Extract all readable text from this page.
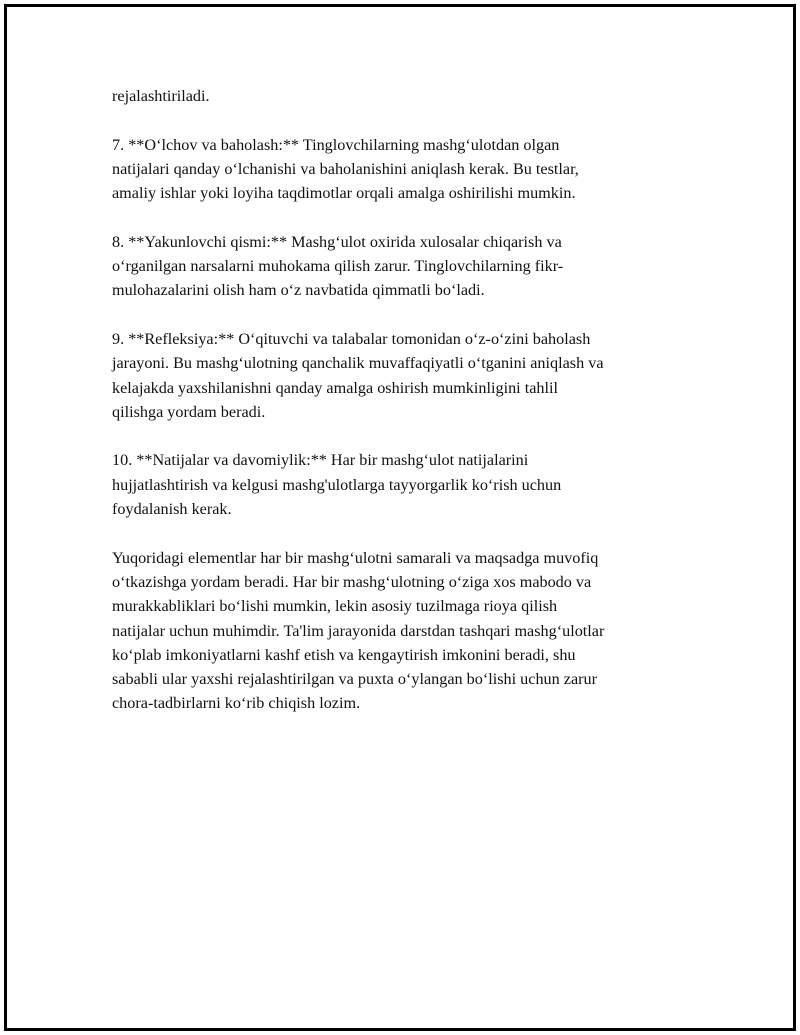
rejalashtiriladi.

7. **O‘lchov va baholash:** Tinglovchilarning mashg‘ulotdan olgan
natijalari qanday o‘lchanishi va baholanishini aniqlash kerak. Bu testlar,
amaliy ishlar yoki loyiha taqdimotlar orqali amalga oshirilishi mumkin.

8. **Yakunlovchi qismi:** Mashg‘ulot oxirida xulosalar chiqarish va
o‘rganilgan narsalarni muhokama qilish zarur. Tinglovchilarning fikr-
mulohazalarini olish ham o‘z navbatida qimmatli bo‘ladi.

9. **Refleksiya:** O‘qituvchi va talabalar tomonidan o‘z-o‘zini baholash
jarayoni. Bu mashg‘ulotning qanchalik muvaffaqiyatli o‘tganini aniqlash va
kelajakda yaxshilanishni qanday amalga oshirish mumkinligini tahlil
qilishga yordam beradi.

10. **Natijalar va davomiylik:** Har bir mashg‘ulot natijalarini
hujjatlashtirish va kelgusi mashg'ulotlarga tayyorgarlik ko‘rish uchun
foydalanish kerak.

Yuqoridagi elementlar har bir mashg‘ulotni samarali va maqsadga muvofiq
o‘tkazishga yordam beradi. Har bir mashg‘ulotning o‘ziga xos mabodo va
murakkabliklari bo‘lishi mumkin, lekin asosiy tuzilmaga rioya qilish
natijalar uchun muhimdir. Ta'lim jarayonida darstdan tashqari mashg‘ulotlar
ko‘plab imkoniyatlarni kashf etish va kengaytirish imkonini beradi, shu
sababli ular yaxshi rejalashtirilgan va puxta o‘ylangan bo‘lishi uchun zarur
chora-tadbirlarni ko‘rib chiqish lozim.
